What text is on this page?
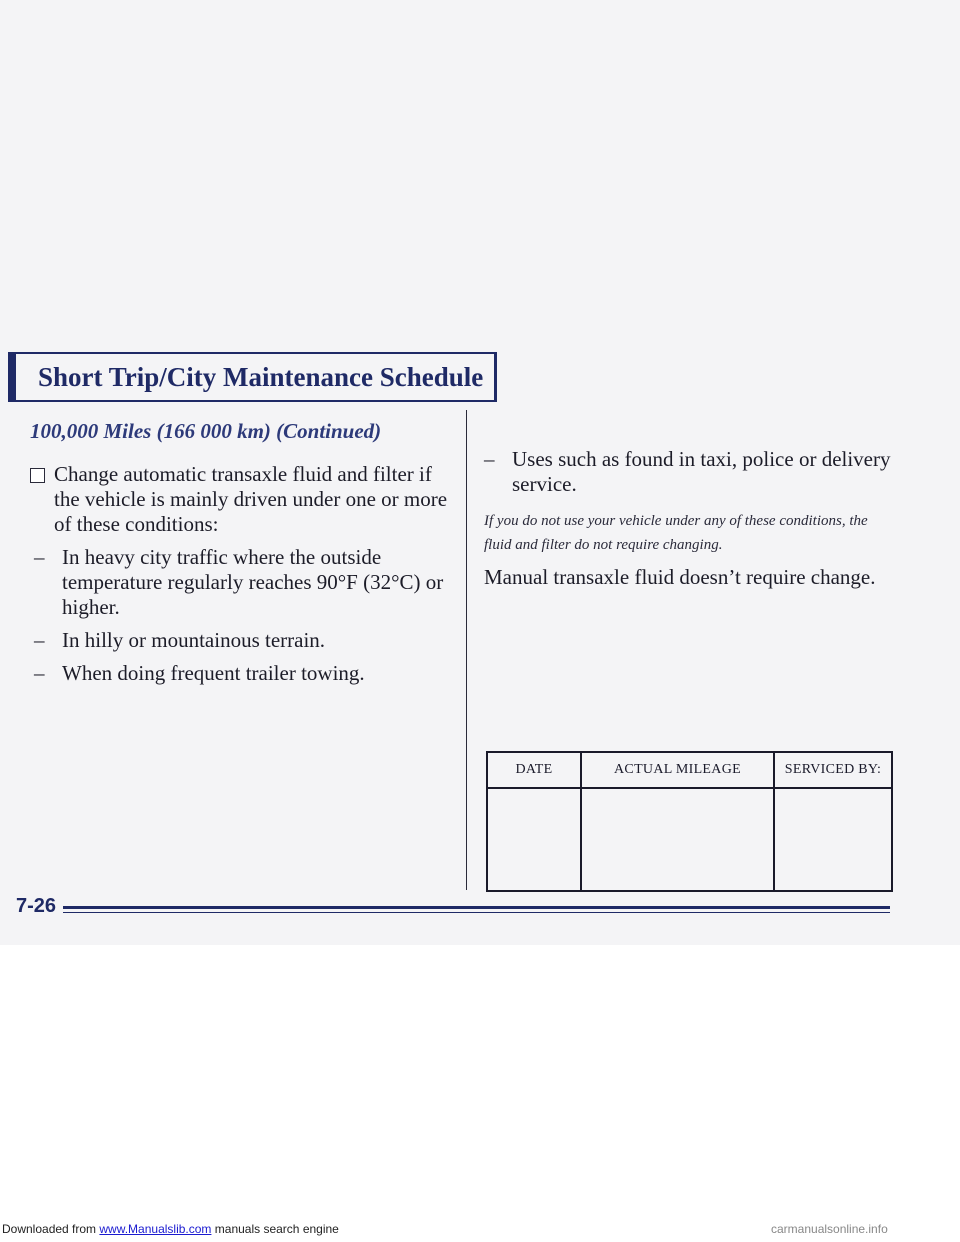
Short Trip/City Maintenance Schedule
100,000 Miles (166 000 km) (Continued)
Change automatic transaxle fluid and filter if the vehicle is mainly driven under one or more of these conditions:
– In heavy city traffic where the outside temperature regularly reaches 90°F (32°C) or higher.
– In hilly or mountainous terrain.
– When doing frequent trailer towing.
– Uses such as found in taxi, police or delivery service.

If you do not use your vehicle under any of these conditions, the fluid and filter do not require changing.

Manual transaxle fluid doesn’t require change.

DATE	ACTUAL MILEAGE	SERVICED BY:

7-26
Downloaded from www.Manualslib.com manuals search engine	carmanualsonline.info
